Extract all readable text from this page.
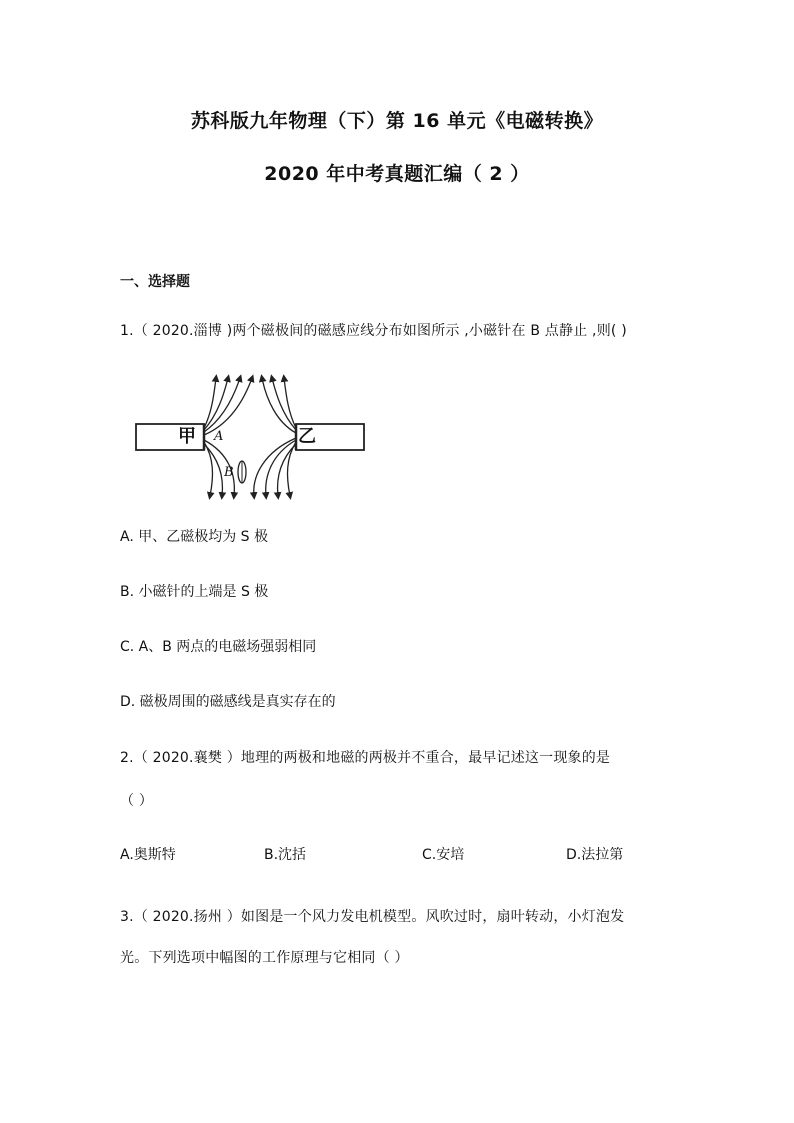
苏科版九年物理（下）第 16 单元《电磁转换》
2020 年中考真题汇编（ 2 ）
一、选择题
1.（ 2020.淄博 )两个磁极间的磁感应线分布如图所示 ,小磁针在 B 点静止 ,则( )
甲	乙
A
B
A. 甲、乙磁极均为 S 极
B. 小磁针的上端是 S 极
C. A、B 两点的电磁场强弱相同
D. 磁极周围的磁感线是真实存在的
2.（ 2020.襄樊 ）地理的两极和地磁的两极并不重合，最早记述这一现象的是
（ ）
A.奥斯特	B.沈括	C.安培	D.法拉第
3.（ 2020.扬州 ）如图是一个风力发电机模型。风吹过时，扇叶转动，小灯泡发
光。下列选项中幅图的工作原理与它相同（ ）
